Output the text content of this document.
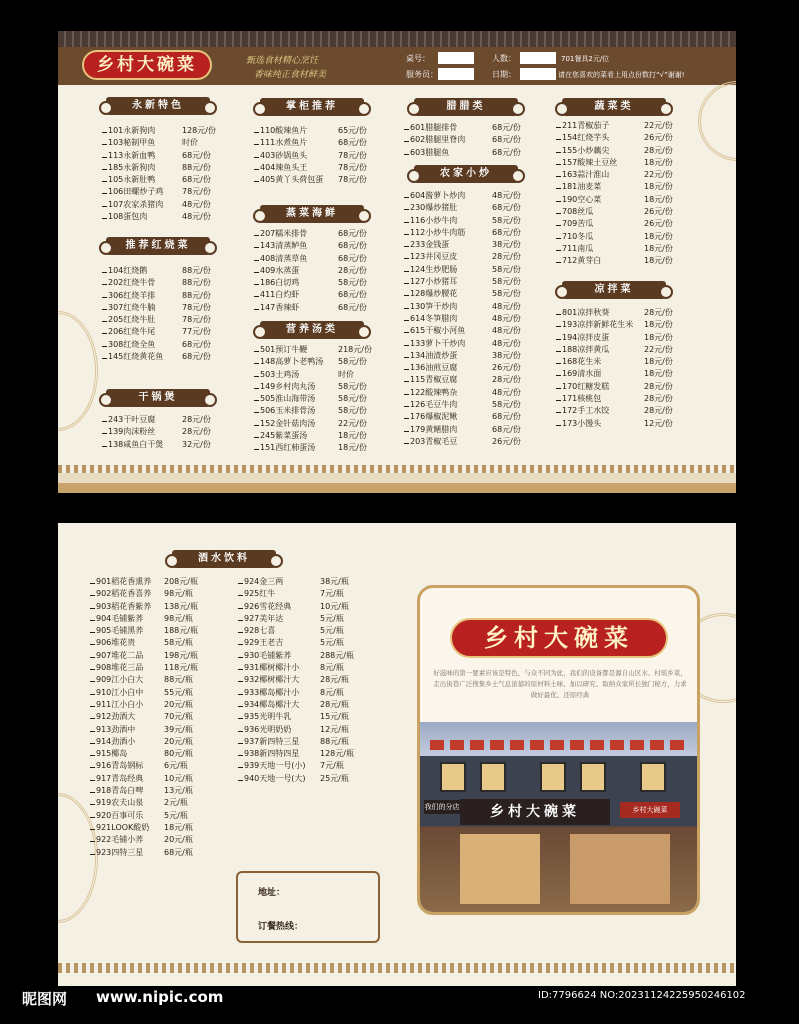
乡村大碗菜	甄选食材精心烹饪
香味纯正食材鲜美
桌号：
服务员：
人数：
日期：
701餐具2元/位
请在您喜欢的菜肴上用点份数打“√”谢谢!
永新特色
101永新狗肉	128元/份
103秘制甲鱼	时价
113永新血鸭	68元/份
185永新狗肉	88元/份
105永新肚鸭	68元/份
106田螺炒子鸡 78元/份
107农家杀猪肉 48元/份
108蛋包肉	48元/份
推荐红烧菜
104红烧鹅	88元/份
202红烧牛骨	88元/份
306红烧羊排	88元/份
307红烧牛腩	78元/份
205红烧牛肚	78元/份
206红烧牛尾	77元/份
308红烧全鱼	68元/份
145红烧黄花鱼 68元/份
干锅煲
243干叶豆腐	28元/份
139肉沫粉丝	28元/份
138咸鱼白干煲 32元/份
掌柜推荐
110酸辣鱼片	65元/份
111水煮鱼片	68元/份
403砂锅鱼头	78元/份
404辣鱼头王	78元/份
405黄丫头荷包蛋 78元/份
蒸菜海鲜
207糯米排骨	68元/份
143清蒸鲈鱼	68元/份
408清蒸草鱼	68元/份
409水蒸蛋	28元/份
186白切鸡	58元/份
411白灼虾	68元/份
147香辣虾	68元/份
营养汤类
501预订牛鞭	218元/份
148高萝卜老鸭汤 58元/份
503土鸡汤	时价
149乡村肉丸汤	58元/份
505淮山海带汤	58元/份
506玉米排骨汤	58元/份
152金针菇肉汤	22元/份
245紫菜蛋汤	18元/份
151西红柿蛋汤	18元/份
腊腊类
601腊腿排骨	68元/份
602腊腿里脊肉	68元/份
603腊腿鱼	68元/份
农家小炒
604酱萝卜炒肉	48元/份
230爆炒猪肚	68元/份
116小炒牛肉	58元/份
112小炒牛肉筋	68元/份
233金钱蛋	38元/份
123井冈豆皮	28元/份
124生炒肥肠	58元/份
127小炒猪耳	58元/份
128爆炒腰花	58元/份
130笋干炒肉	48元/份
614冬笋腊肉	48元/份
615干椒小河鱼	48元/份
133萝卜干炒肉	48元/份
134油渣炒蛋	38元/份
136油煎豆腐	26元/份
115青椒豆腐	28元/份
122酸辣鸭杂	48元/份
126毛豆牛肉	58元/份
176爆椒泥鳅	68元/份
179黄鳝腊肉	68元/份
203青椒毛豆	26元/份
蔬菜类
211青椒茄子	22元/份
154红烧芋头	26元/份
155小炒藕尖	28元/份
157酸辣土豆丝	18元/份
163蒜汁淮山	22元/份
181油麦菜	18元/份
190空心菜	18元/份
708丝瓜	26元/份
709苦瓜	26元/份
710冬瓜	18元/份
711南瓜	18元/份
712黄芽白	18元/份
凉拌菜
801凉拌秋葵	28元/份
193凉拌新鲜花生米 18元/份
194凉拌皮蛋	18元/份
188凉拌黄瓜	22元/份
168花生米	18元/份
169清水面	18元/份
170红糖发糕	28元/份
171核桃包	28元/份
172手工水饺	28元/份
173小馒头	12元/份
酒水饮料
901稻花香熏养 208元/瓶
902稻花香喜养 98元/瓶
903稻花香紫养 138元/瓶
904毛铺紫荞	98元/瓶
905毛铺黑荞	188元/瓶
906堆花贵	58元/瓶
907堆花二品	198元/瓶
908堆花三品	118元/瓶
909江小白大	88元/瓶
910江小白中	55元/瓶
911江小白小	20元/瓶
912劲酒大	70元/瓶
913劲酒中	39元/瓶
914劲酒小	20元/瓶
915椰岛	80元/瓶
916青岛钢标	6元/瓶
917青岛经典	10元/瓶
918青岛白啤	13元/瓶
919农夫山泉	2元/瓶
920百事可乐	5元/瓶
921LOOK酸奶 18元/瓶
922毛铺小荞	20元/瓶
923四特三星	68元/瓶
924金三两	38元/瓶
925红牛	7元/瓶
926雪花经典	10元/瓶
927美年达	5元/瓶
928七喜	5元/瓶
929王老吉	5元/瓶
930毛铺紫荞	288元/瓶
931椰树椰汁小	8元/瓶
932椰树椰汁大	28元/瓶
933椰岛椰汁小	8元/瓶
934椰岛椰汁大	28元/瓶
935光明牛乳	15元/瓶
936光明奶奶	12元/瓶
937新四特三星	88元/瓶
938新四特四星	128元/瓶
939天地一号(小) 7元/瓶
940天地一号(大) 25元/瓶
地址：
订餐热线：
乡村大碗菜
好滋味的第一要素应该是特色，与众不同为此，我们的设备都是源自山区水、村瑶乡菜，走出街巷广泛搜集乡土气息浓郁的原材料土味、加以研究、取纳众家所长独门秘方，力求做好最优、还原经典
我们的分店	乡村大碗菜	乡村大碗菜
昵图网 www.nipic.com	ID:7796624 NO:20231124225950246102
